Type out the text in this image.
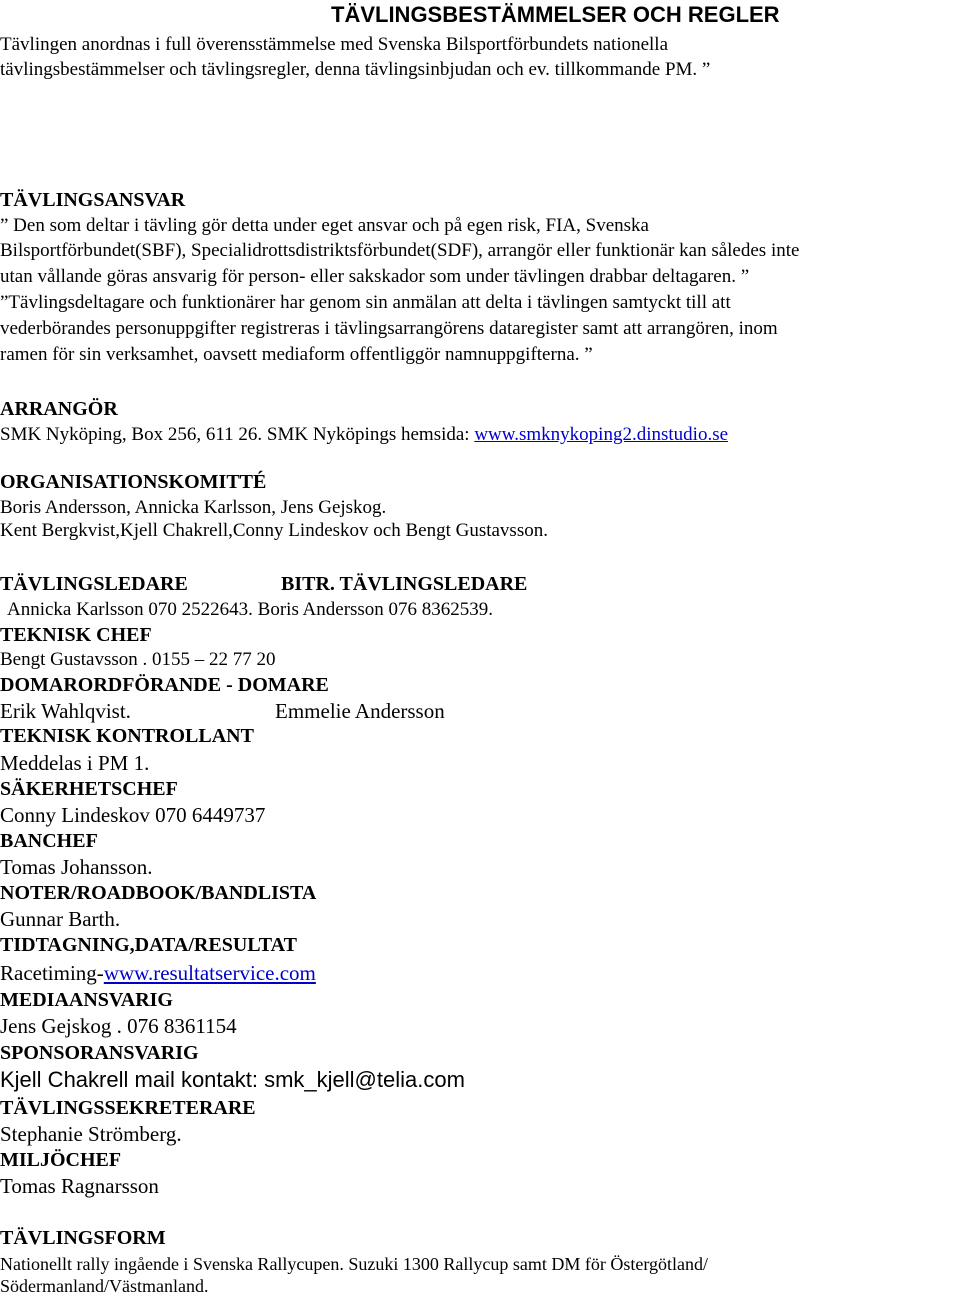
TÄVLINGSBESTÄMMELSER OCH REGLER
Tävlingen anordnas i full överensstämmelse med Svenska Bilsportförbundets nationella
tävlingsbestämmelser och tävlingsregler, denna tävlingsinbjudan och ev. tillkommande PM. ”
TÄVLINGSANSVAR
” Den som deltar i tävling gör detta under eget ansvar och på egen risk, FIA, Svenska
Bilsportförbundet(SBF), Specialidrottsdistriktsförbundet(SDF), arrangör eller funktionär kan således inte
utan vållande göras ansvarig för person- eller sakskador som under tävlingen drabbar deltagaren. ”
”Tävlingsdeltagare och funktionärer har genom sin anmälan att delta i tävlingen samtyckt till att
vederbörandes personuppgifter registreras i tävlingsarrangörens dataregister samt att arrangören, inom
ramen för sin verksamhet, oavsett mediaform offentliggör namnuppgifterna. ”
ARRANGÖR
SMK Nyköping, Box 256, 611 26. SMK Nyköpings hemsida: www.smknykoping2.dinstudio.se
ORGANISATIONSKOMITTÉ
Boris Andersson, Annicka Karlsson, Jens Gejskog.
Kent Bergkvist,Kjell Chakrell,Conny Lindeskov och Bengt Gustavsson.
TÄVLINGSLEDARE	BITR. TÄVLINGSLEDARE
Annicka Karlsson 070 2522643. Boris Andersson 076 8362539.
TEKNISK CHEF
Bengt Gustavsson . 0155 – 22 77 20
DOMARORDFÖRANDE - DOMARE
Erik Wahlqvist.	Emmelie Andersson
TEKNISK KONTROLLANT
Meddelas i PM 1.
SÄKERHETSCHEF
Conny Lindeskov 070 6449737
BANCHEF
Tomas Johansson.
NOTER/ROADBOOK/BANDLISTA
Gunnar Barth.
TIDTAGNING,DATA/RESULTAT
Racetiming-www.resultatservice.com
MEDIAANSVARIG
Jens Gejskog . 076 8361154
SPONSORANSVARIG
Kjell Chakrell mail kontakt: smk_kjell@telia.com
TÄVLINGSSEKRETERARE
Stephanie Strömberg.
MILJÖCHEF
Tomas Ragnarsson
TÄVLINGSFORM
Nationellt rally ingående i Svenska Rallycupen. Suzuki 1300 Rallycup samt DM för Östergötland/
Södermanland/Västmanland.
